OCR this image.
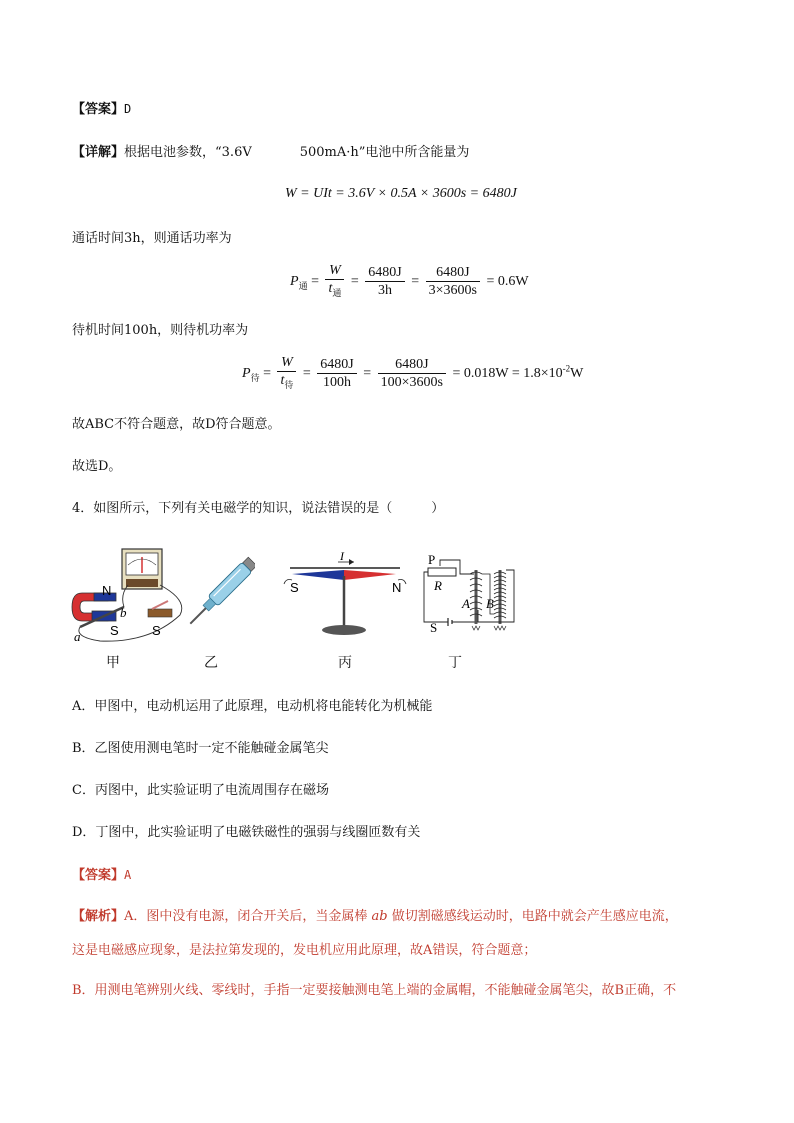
【答案】D
【详解】根据电池参数，“3.6V	500mA·h”电池中所含能量为
W = UIt = 3.6V × 0.5A × 3600s = 6480J
通话时间3h，则通话功率为
$P_通 = \frac{W}{t_通} = \frac{6480J}{3h} = \frac{6480J}{3\times 3600s} = 0.6W$
待机时间100h，则待机功率为
$P_待 = \frac{W}{t_待} = \frac{6480J}{100h} = \frac{6480J}{100\times 3600s} = 0.018W = 1.8\times 10^{-2}W$
故ABC不符合题意，故D符合题意。
故选D。
4．如图所示，下列有关电磁学的知识，说法错误的是（　　　）
N
S	S
a
b
甲	乙
I
S	N
丙
P
R
S
A B
丁
A．甲图中，电动机运用了此原理，电动机将电能转化为机械能
B．乙图使用测电笔时一定不能触碰金属笔尖
C．丙图中，此实验证明了电流周围存在磁场
D．丁图中，此实验证明了电磁铁磁性的强弱与线圈匝数有关
【答案】A
【解析】A．图中没有电源，闭合开关后，当金属棒 ab 做切割磁感线运动时，电路中就会产生感应电流，
这是电磁感应现象，是法拉第发现的，发电机应用此原理，故A错误，符合题意；
B．用测电笔辨别火线、零线时，手指一定要接触测电笔上端的金属帽，不能触碰金属笔尖，故B正确，不
